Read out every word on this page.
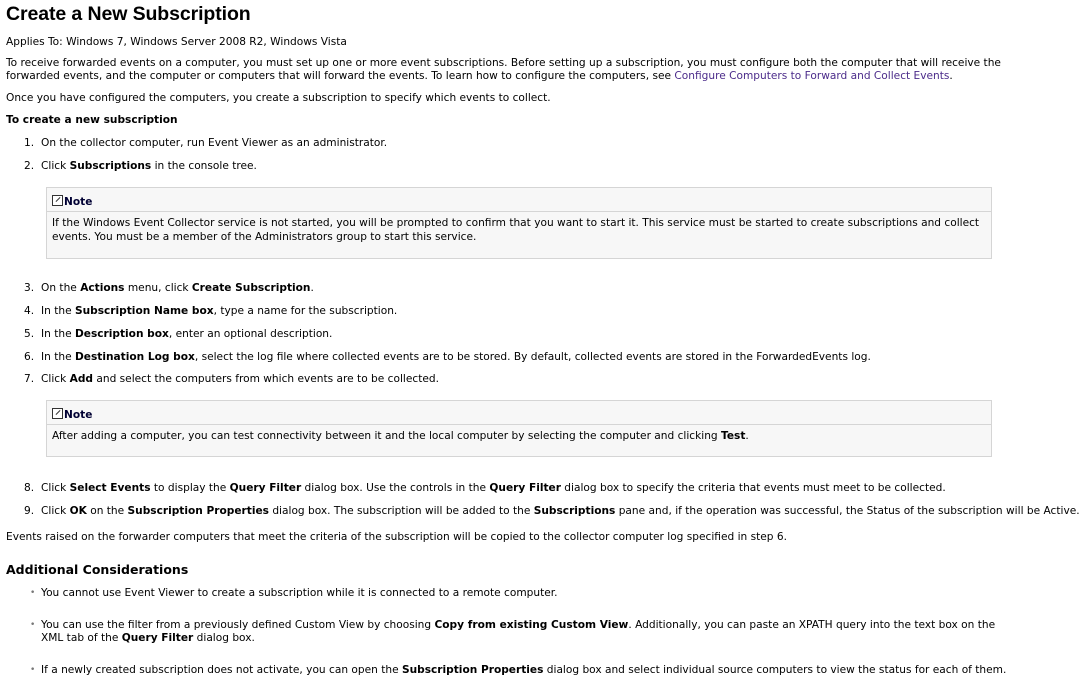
Create a New Subscription
Applies To: Windows 7, Windows Server 2008 R2, Windows Vista
To receive forwarded events on a computer, you must set up one or more event subscriptions. Before setting up a subscription, you must configure both the computer that will receive the forwarded events, and the computer or computers that will forward the events. To learn how to configure the computers, see Configure Computers to Forward and Collect Events.
Once you have configured the computers, you create a subscription to specify which events to collect.
To create a new subscription
1. On the collector computer, run Event Viewer as an administrator.
2. Click Subscriptions in the console tree.
Note
If the Windows Event Collector service is not started, you will be prompted to confirm that you want to start it. This service must be started to create subscriptions and collect events. You must be a member of the Administrators group to start this service.
3. On the Actions menu, click Create Subscription.
4. In the Subscription Name box, type a name for the subscription.
5. In the Description box, enter an optional description.
6. In the Destination Log box, select the log file where collected events are to be stored. By default, collected events are stored in the ForwardedEvents log.
7. Click Add and select the computers from which events are to be collected.
Note
After adding a computer, you can test connectivity between it and the local computer by selecting the computer and clicking Test.
8. Click Select Events to display the Query Filter dialog box. Use the controls in the Query Filter dialog box to specify the criteria that events must meet to be collected.
9. Click OK on the Subscription Properties dialog box. The subscription will be added to the Subscriptions pane and, if the operation was successful, the Status of the subscription will be Active.
Events raised on the forwarder computers that meet the criteria of the subscription will be copied to the collector computer log specified in step 6.
Additional Considerations
• You cannot use Event Viewer to create a subscription while it is connected to a remote computer.
• You can use the filter from a previously defined Custom View by choosing Copy from existing Custom View. Additionally, you can paste an XPATH query into the text box on the XML tab of the Query Filter dialog box.
• If a newly created subscription does not activate, you can open the Subscription Properties dialog box and select individual source computers to view the status for each of them.
